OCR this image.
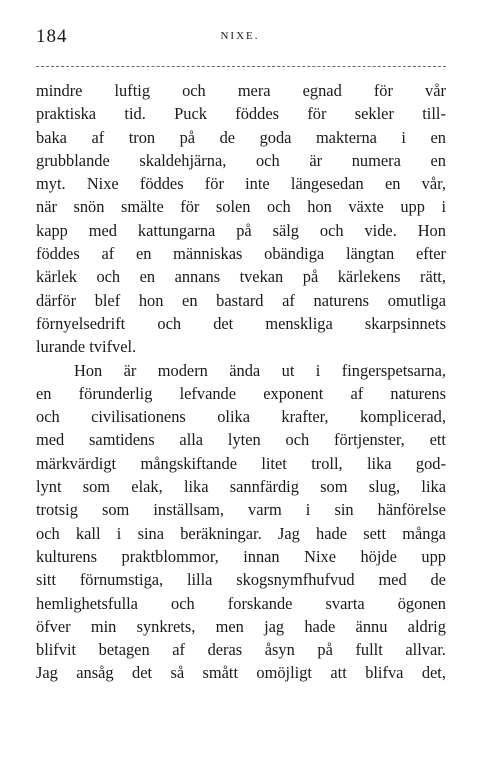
184	NIXE.
mindre luftig och mera egnad för vår
praktiska tid. Puck föddes för sekler till-
baka af tron på de goda makterna i en
grubblande skaldehjärna, och är numera en
myt. Nixe föddes för inte längesedan en vår,
när snön smälte för solen och hon växte upp i
kapp med kattungarna på sälg och vide. Hon
föddes af en människas obändiga längtan efter
kärlek och en annans tvekan på kärlekens rätt,
därför blef hon en bastard af naturens omutliga
förnyelsedrift och det menskliga skarpsinnets
lurande
tvifvel.
Hon är modern ända ut i fingerspetsarna,
en förunderlig lefvande exponent af naturens
och civilisationens olika krafter, komplicerad,
med samtidens alla lyten och förtjenster, ett
märkvärdigt mångskiftande litet troll, lika god-
lynt som elak, lika sannfärdig som slug, lika
trotsig som inställsam, varm i sin hänförelse
och kall i sina beräkningar. Jag hade sett många
kulturens praktblommor, innan Nixe höjde upp
sitt förnumstiga, lilla skogsnymfhufvud med de
hemlighetsfulla och forskande svarta ögonen
öfver min synkrets, men jag hade ännu aldrig
blifvit betagen af deras åsyn på fullt allvar.
Jag ansåg det så smått omöjligt att blifva det,
